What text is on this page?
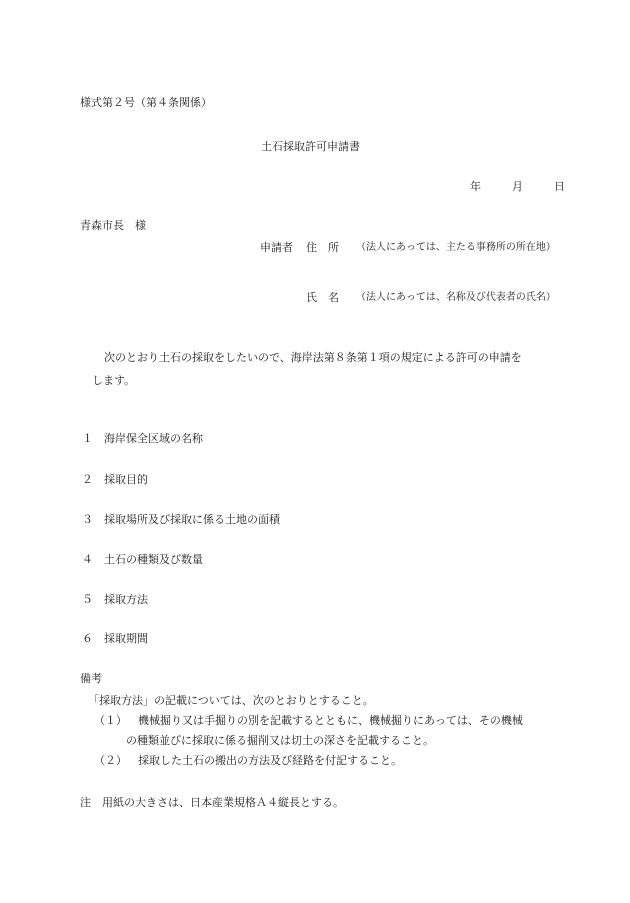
様式第２号（第４条関係）
土石採取許可申請書
年	月	日
青森市長　様
申請者 住　所 （法人にあっては、主たる事務所の所在地）
氏　名 （法人にあっては、名称及び代表者の氏名）
次のとおり土石の採取をしたいので、海岸法第８条第１項の規定による許可の申請を
します。
１ 海岸保全区域の名称
２ 採取目的
３ 採取場所及び採取に係る土地の面積
４ 土石の種類及び数量
５ 採取方法
６ 採取期間
備考
「採取方法」の記載については、次のとおりとすること。
（１） 機械掘り又は手掘りの別を記載するとともに、機械掘りにあっては、その機械
の種類並びに採取に係る掘削又は切土の深さを記載すること。
（２） 採取した土石の搬出の方法及び経路を付記すること。
注　用紙の大きさは、日本産業規格Ａ４縦長とする。
